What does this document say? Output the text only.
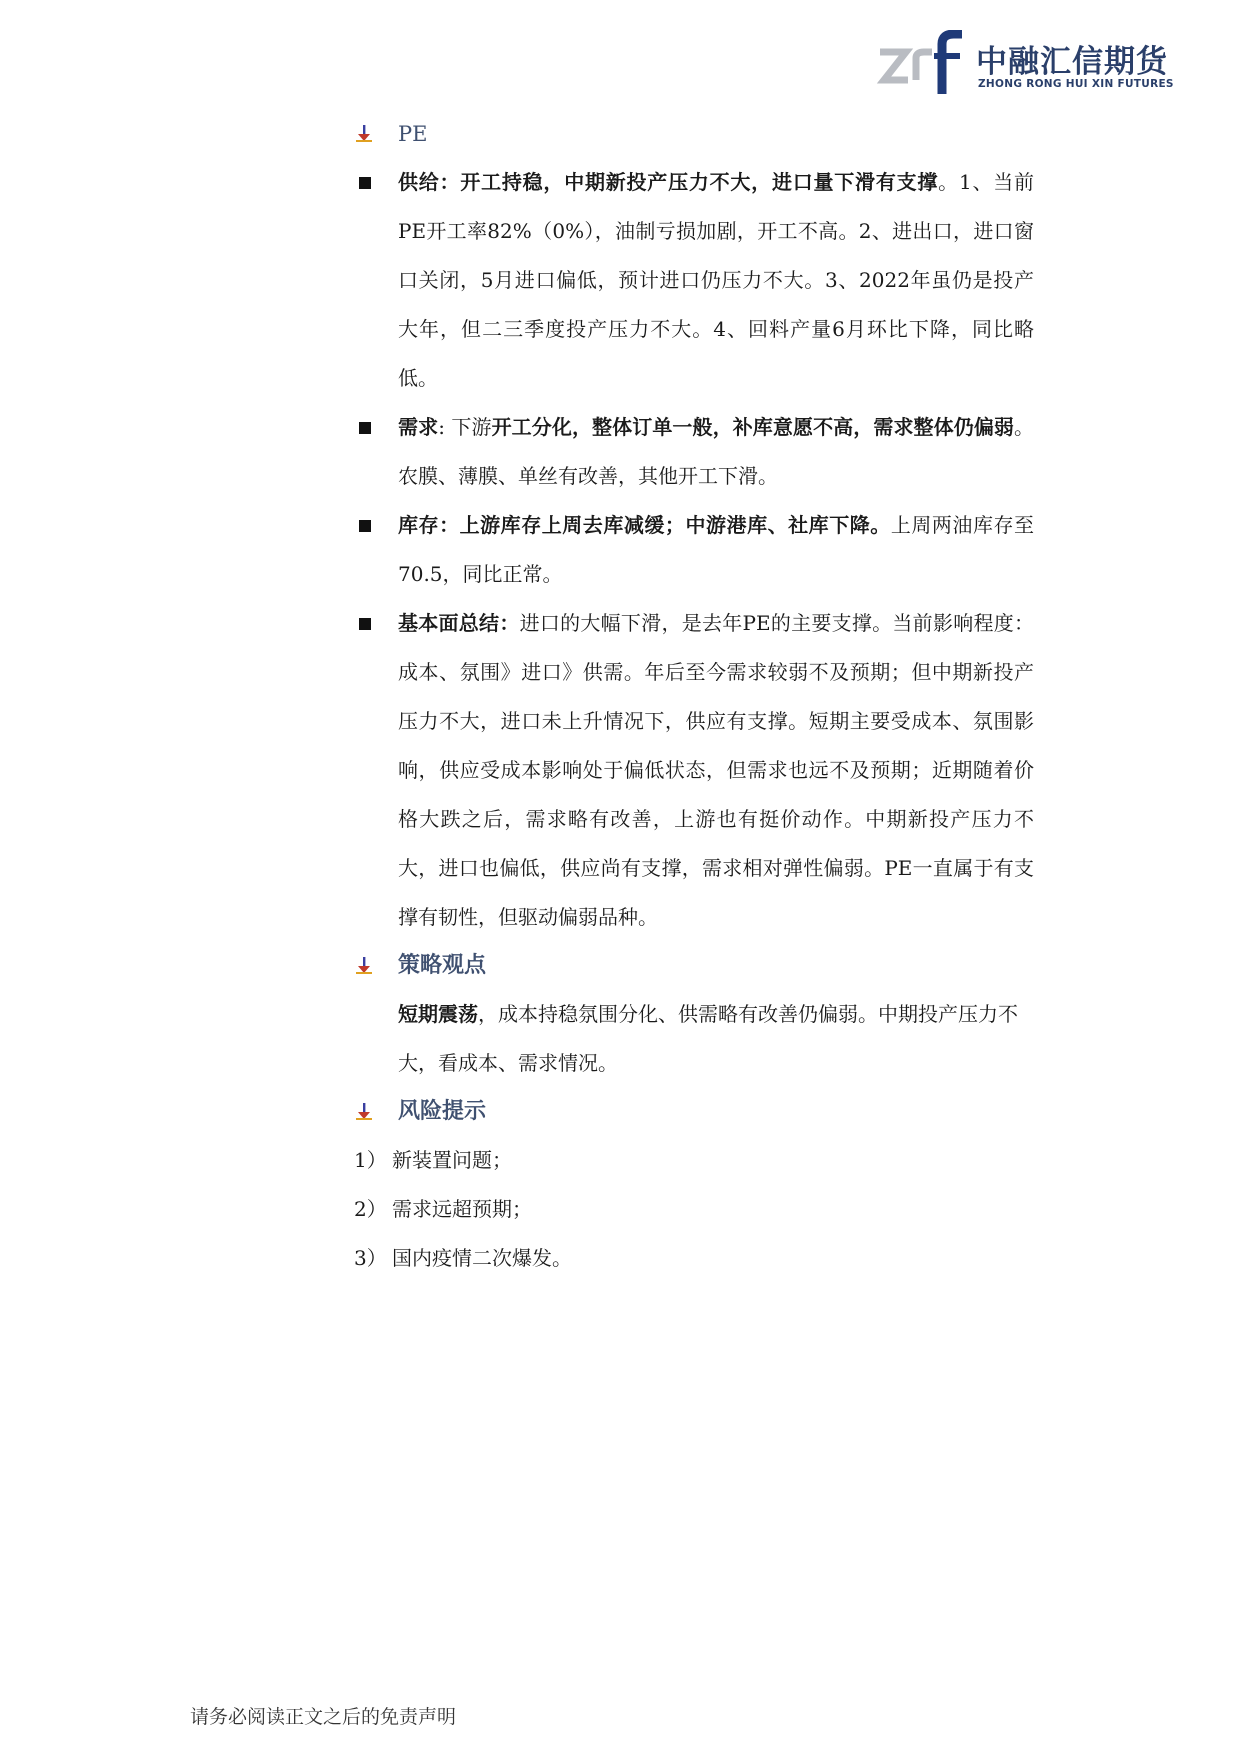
中融汇信期货
ZHONG RONG HUI XIN FUTURES
PE
供给：开工持稳，中期新投产压力不大，进口量下滑有支撑。1、当前PE开工率82%（0%），油制亏损加剧，开工不高。2、进出口，进口窗口关闭，5月进口偏低，预计进口仍压力不大。3、2022年虽仍是投产大年，但二三季度投产压力不大。4、回料产量6月环比下降，同比略低。
需求: 下游开工分化，整体订单一般，补库意愿不高，需求整体仍偏弱。农膜、薄膜、单丝有改善，其他开工下滑。
库存：上游库存上周去库减缓；中游港库、社库下降。上周两油库存至70.5，同比正常。
基本面总结：进口的大幅下滑，是去年PE的主要支撑。当前影响程度：成本、氛围》进口》供需。年后至今需求较弱不及预期；但中期新投产压力不大，进口未上升情况下，供应有支撑。短期主要受成本、氛围影响，供应受成本影响处于偏低状态，但需求也远不及预期；近期随着价格大跌之后，需求略有改善，上游也有挺价动作。中期新投产压力不大，进口也偏低，供应尚有支撑，需求相对弹性偏弱。PE一直属于有支撑有韧性，但驱动偏弱品种。
策略观点
短期震荡，成本持稳氛围分化、供需略有改善仍偏弱。中期投产压力不大，看成本、需求情况。
风险提示
1） 新装置问题；
2） 需求远超预期；
3） 国内疫情二次爆发。
请务必阅读正文之后的免责声明
